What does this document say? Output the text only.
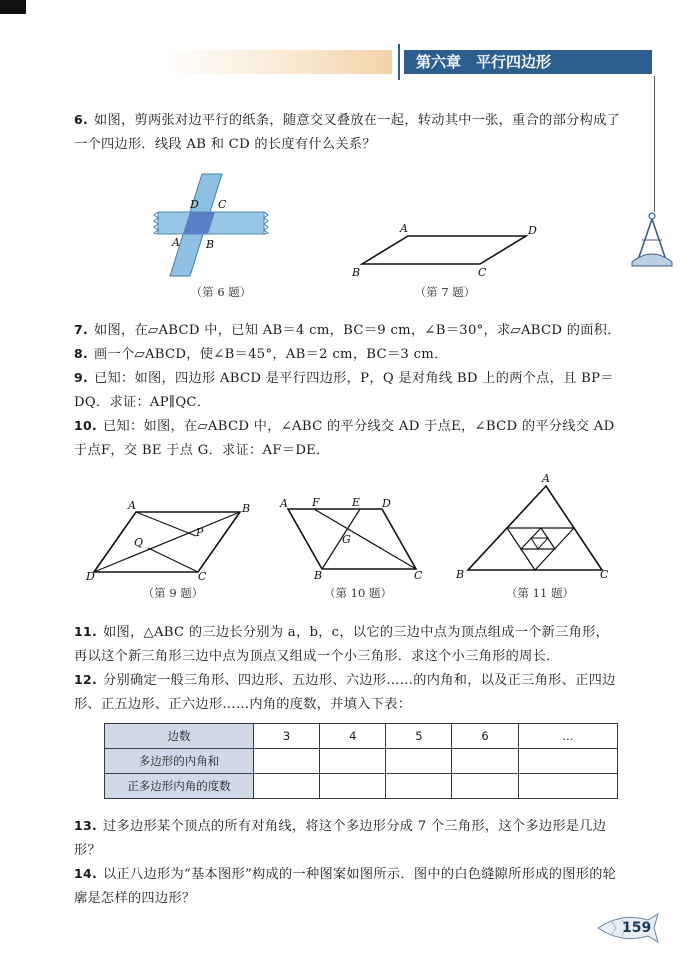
第六章　平行四边形
6. 如图，剪两张对边平行的纸条，随意交叉叠放在一起，转动其中一张，重合的部分构成了一个四边形．线段 AB 和 CD 的长度有什么关系？
D C
A B
（第 6 题）
A	D
B	C
（第 7 题）
7. 如图，在▱ABCD 中，已知 AB＝4 cm，BC＝9 cm，∠B＝30°，求▱ABCD 的面积．
8. 画一个▱ABCD，使∠B＝45°，AB＝2 cm，BC＝3 cm．
9. 已知：如图，四边形 ABCD 是平行四边形，P，Q 是对角线 BD 上的两个点，且 BP＝DQ．求证：AP∥QC．
10. 已知：如图，在▱ABCD 中，∠ABC 的平分线交 AD 于点E，∠BCD 的平分线交 AD 于点F，交 BE 于点 G．求证：AF＝DE．
A	B
P
Q
D	C
（第 9 题）
A F	E D
G
B	C
（第 10 题）
A
B	C
（第 11 题）
11. 如图，△ABC 的三边长分别为 a，b，c，以它的三边中点为顶点组成一个新三角形，再以这个新三角形三边中点为顶点又组成一个小三角形．求这个小三角形的周长．
12. 分别确定一般三角形、四边形、五边形、六边形……的内角和，以及正三角形、正四边形、正五边形、正六边形……内角的度数，并填入下表：
边数	3	4	5	6	…
多边形的内角和					
正多边形内角的度数					
13. 过多边形某个顶点的所有对角线，将这个多边形分成 7 个三角形，这个多边形是几边形？
14. 以正八边形为“基本图形”构成的一种图案如图所示．图中的白色缝隙所形成的图形的轮廓是怎样的四边形？
159
